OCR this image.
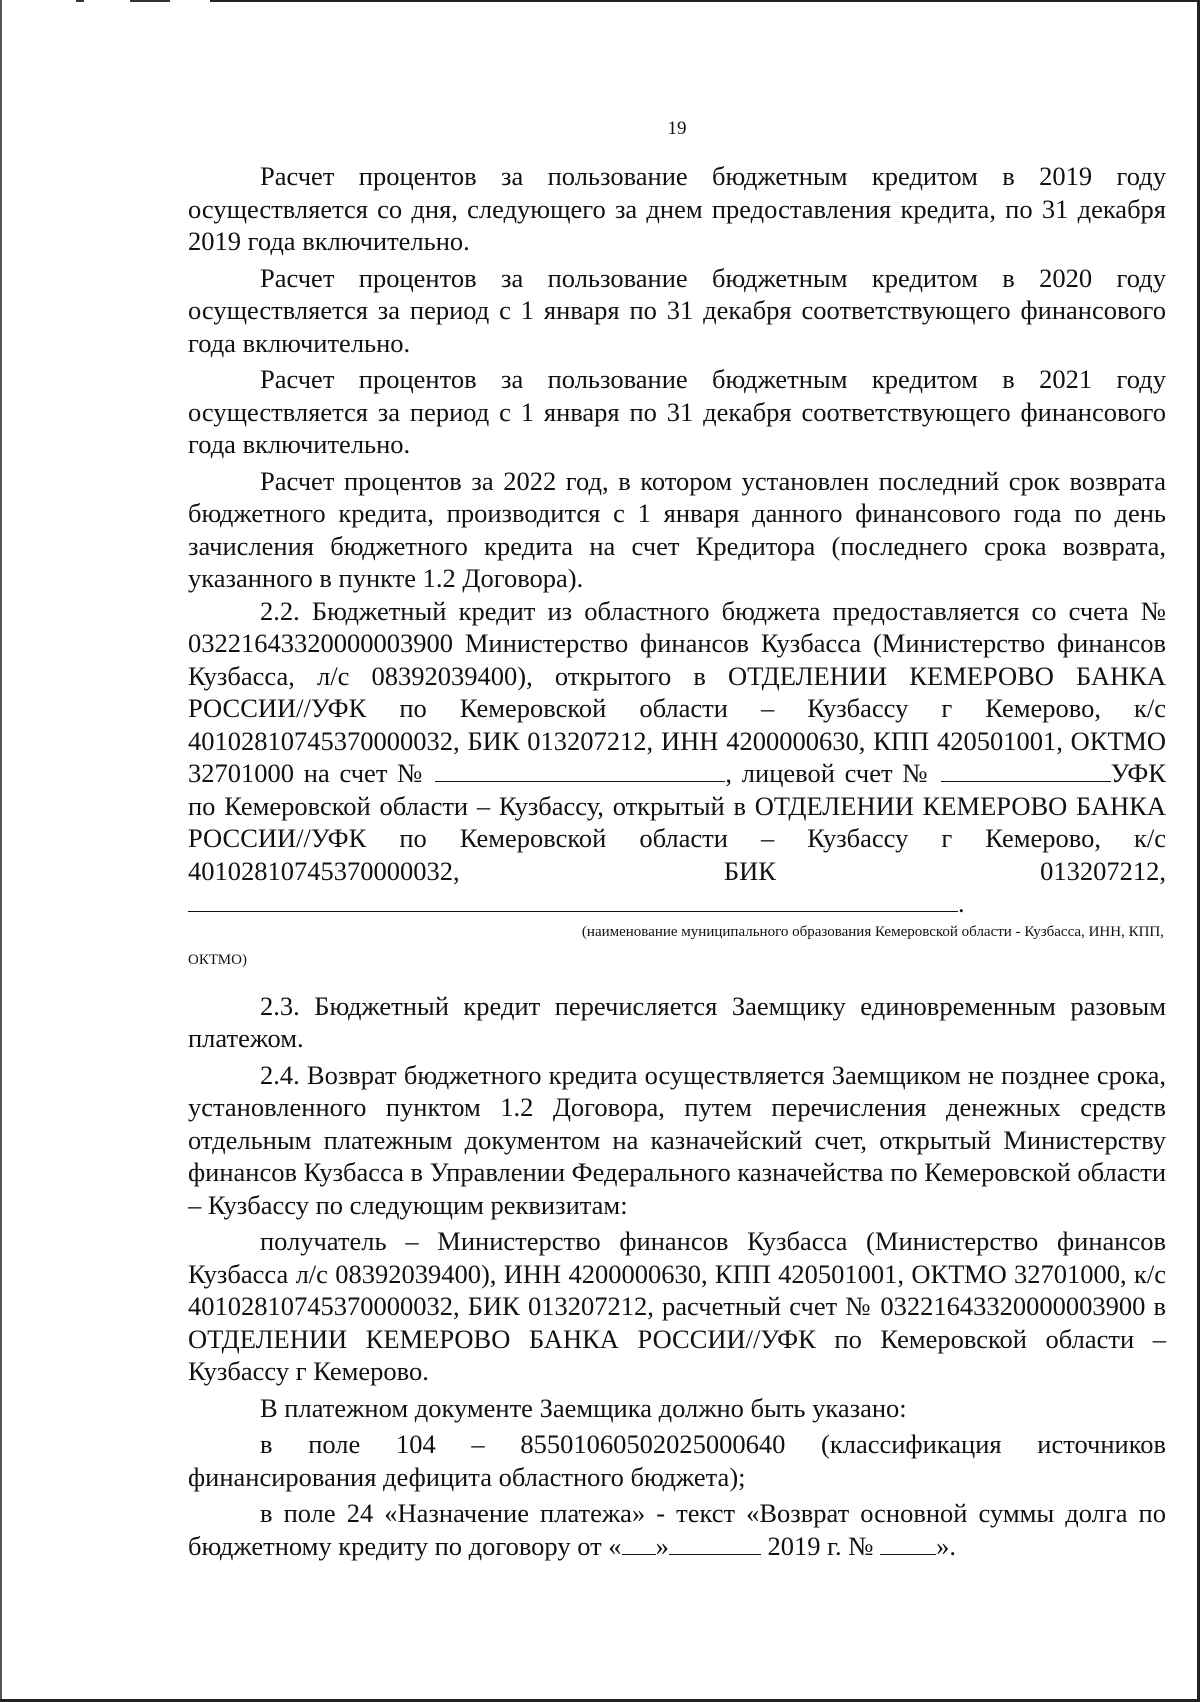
19

Расчет процентов за пользование бюджетным кредитом в 2019 году осуществляется со дня, следующего за днем предоставления кредита, по 31 декабря 2019 года включительно.

Расчет процентов за пользование бюджетным кредитом в 2020 году осуществляется за период с 1 января по 31 декабря соответствующего финансового года включительно.

Расчет процентов за пользование бюджетным кредитом в 2021 году осуществляется за период с 1 января по 31 декабря соответствующего финансового года включительно.

Расчет процентов за 2022 год, в котором установлен последний срок возврата бюджетного кредита, производится с 1 января данного финансового года по день зачисления бюджетного кредита на счет Кредитора (последнего срока возврата, указанного в пункте 1.2 Договора).

2.2. Бюджетный кредит из областного бюджета предоставляется со счета № 03221643320000003900 Министерство финансов Кузбасса (Министерство финансов Кузбасса, л/с 08392039400), открытого в ОТДЕЛЕНИИ КЕМЕРОВО БАНКА РОССИИ//УФК по Кемеровской области – Кузбассу г Кемерово, к/с 40102810745370000032, БИК 013207212, ИНН 4200000630, КПП 420501001, ОКТМО 32701000 на счет №	, лицевой счет №	УФК по Кемеровской области – Кузбассу, открытый в ОТДЕЛЕНИИ КЕМЕРОВО БАНКА РОССИИ//УФК по Кемеровской области – Кузбассу г Кемерово, к/с 40102810745370000032, БИК 013207212,.

(наименование муниципального образования Кемеровской области - Кузбасса, ИНН, КПП,

ОКТМО)

2.3. Бюджетный кредит перечисляется Заемщику единовременным разовым платежом.

2.4. Возврат бюджетного кредита осуществляется Заемщиком не позднее срока, установленного пунктом 1.2 Договора, путем перечисления денежных средств отдельным платежным документом на казначейский счет, открытый Министерству финансов Кузбасса в Управлении Федерального казначейства по Кемеровской области – Кузбассу по следующим реквизитам:

получатель – Министерство финансов Кузбасса (Министерство финансов Кузбасса л/с 08392039400), ИНН 4200000630, КПП 420501001, ОКТМО 32701000, к/с 40102810745370000032, БИК 013207212, расчетный счет № 03221643320000003900 в ОТДЕЛЕНИИ КЕМЕРОВО БАНКА РОССИИ//УФК по Кемеровской области – Кузбассу г Кемерово.

В платежном документе Заемщика должно быть указано:

в поле 104 – 85501060502025000640 (классификация источников финансирования дефицита областного бюджета);

в поле 24 «Назначение платежа» - текст «Возврат основной суммы долга по бюджетному кредиту по договору от « »	2019 г. № ».
